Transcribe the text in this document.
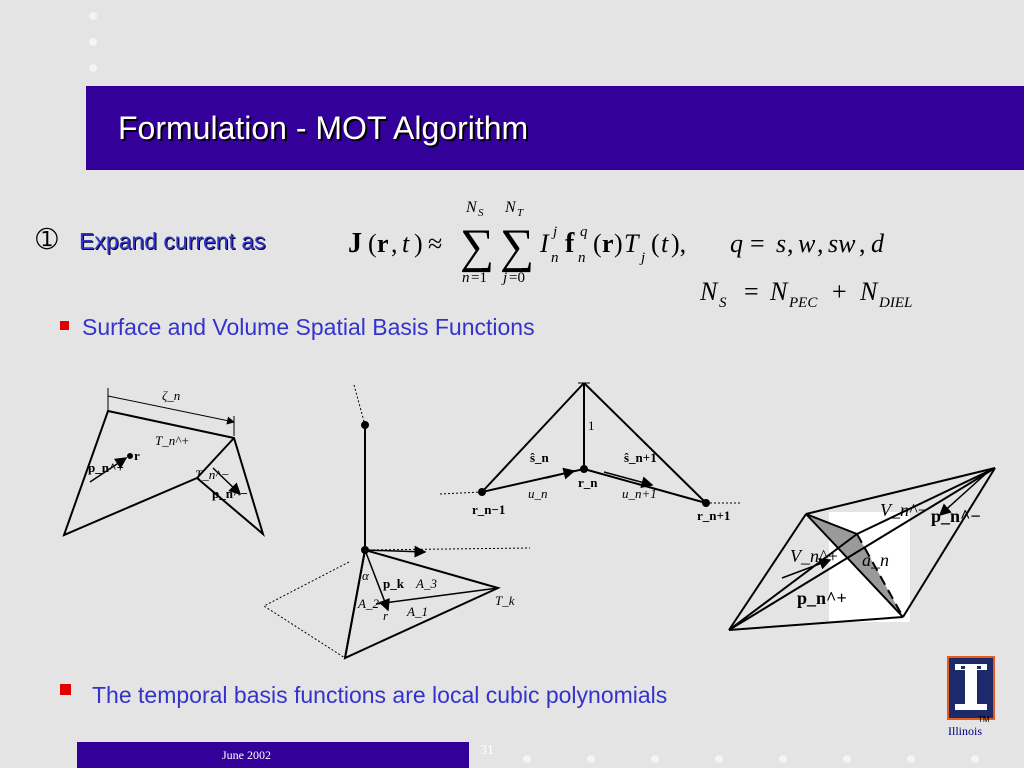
Formulation - MOT Algorithm
➀ Expand current as	J ( r , t ) ≈ ∑
N S
n =1
∑
N T
j =0
I j
n f q
n ( r ) T j ( t ), q = s , w , sw , d
N S = N PEC + N DIEL
Surface and Volume Spatial Basis Functions
ζ_n
T_n^+
T_n^−
p_n^+
p_n^−
r
α
p_k A_3
A_2
r A_1
T_k
1
ŝ_n	ŝ_n+1
r_n
u_n	u_n+1
r_n−1	r_n+1	V_n^− p_n^−
V_n^+ a_n
p_n^+
The temporal basis functions are local cubic polynomials
TM
Illinois
June 2002	31
